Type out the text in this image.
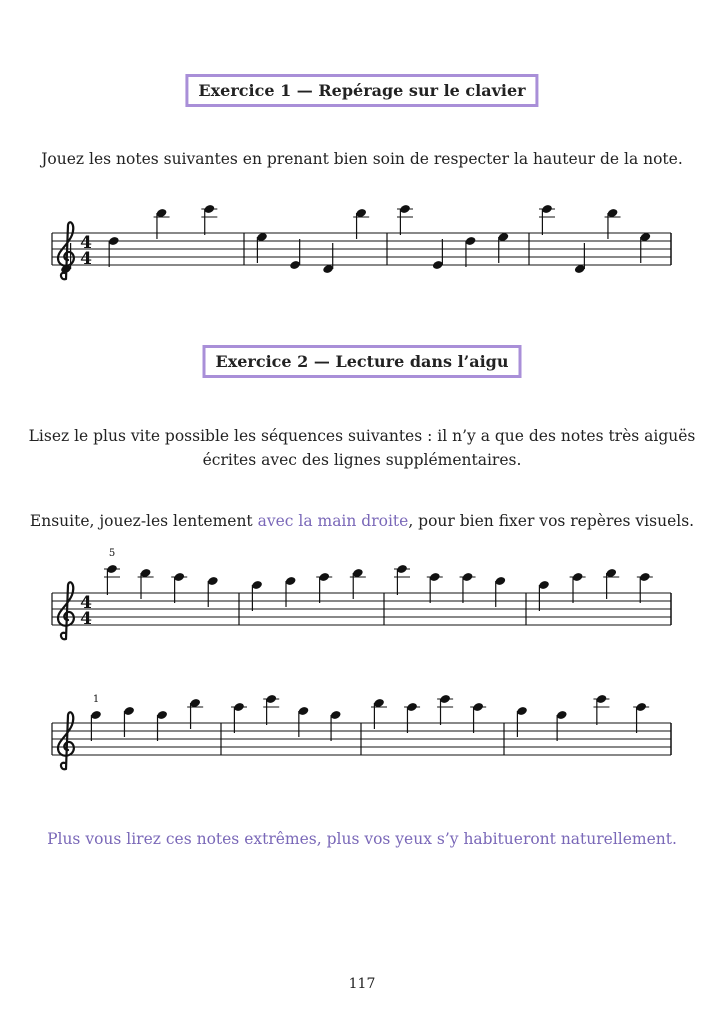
Exercice 1 — Repérage sur le clavier
Jouez les notes suivantes en prenant bien soin de respecter la hauteur de la note.
4
4
Exercice 2 — Lecture dans l’aigu
Lisez le plus vite possible les séquences suivantes : il n’y a que des notes très aiguës
écrites avec des lignes supplémentaires.
Ensuite, jouez-les lentement avec la main droite, pour bien fixer vos repères visuels.
4
4
5
1
Plus vous lirez ces notes extrêmes, plus vos yeux s’y habitueront naturellement.
117
